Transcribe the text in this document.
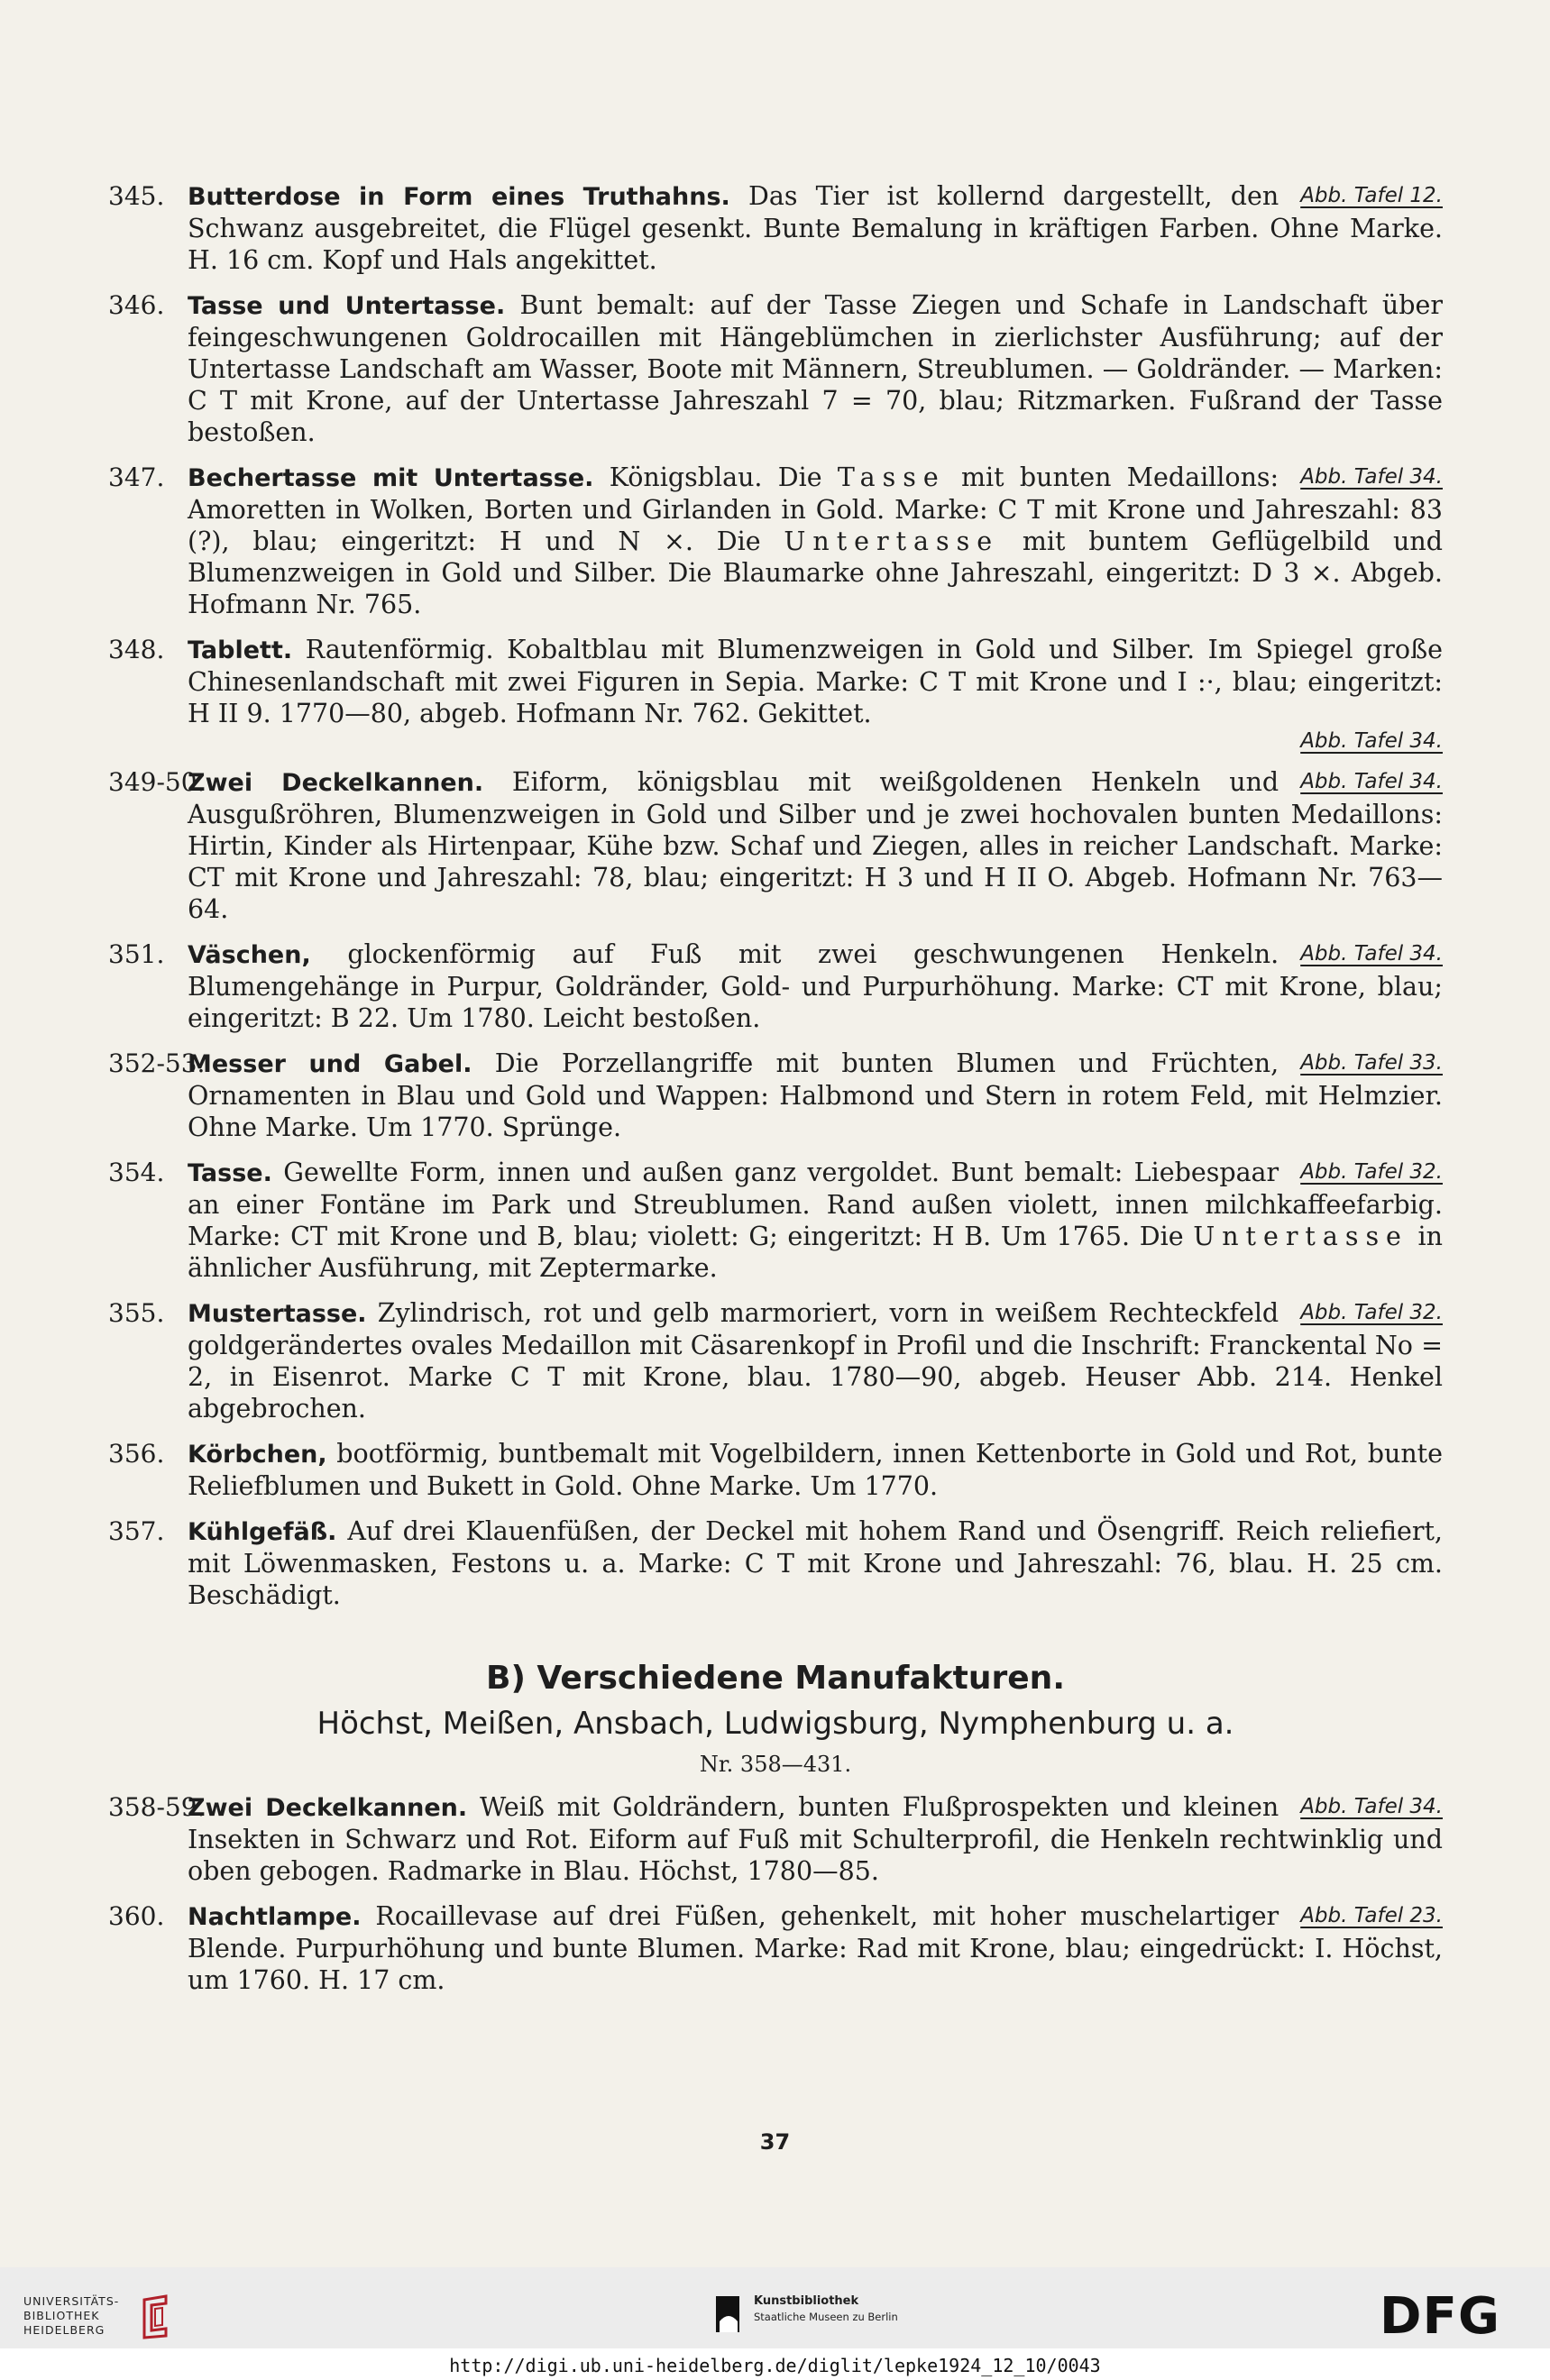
345.	Abb. Tafel 12.
Butterdose in Form eines Truthahns. Das Tier ist kollernd dargestellt, den Schwanz ausgebreitet, die Flügel gesenkt. Bunte Bemalung in kräftigen Farben. Ohne Marke. H. 16 cm. Kopf und Hals angekittet.
346. Tasse und Untertasse. Bunt bemalt: auf der Tasse Ziegen und Schafe in Landschaft über feingeschwungenen Goldrocaillen mit Hängeblümchen in zierlichster Ausführung; auf der Untertasse Landschaft am Wasser, Boote mit Männern, Streublumen. — Goldränder. — Marken: C T mit Krone, auf der Untertasse Jahreszahl 7 = 70, blau; Ritzmarken. Fußrand der Tasse bestoßen.
347.	Abb. Tafel 34.
Bechertasse mit Untertasse. Königsblau. Die Tasse mit bunten Medaillons: Amoretten in Wolken, Borten und Girlanden in Gold. Marke: C T mit Krone und Jahreszahl: 83 (?), blau; eingeritzt: H und N ×. Die Untertasse mit buntem Geflügelbild und Blumenzweigen in Gold und Silber. Die Blaumarke ohne Jahreszahl, eingeritzt: D 3 ×. Abgeb. Hofmann Nr. 765.
348. Tablett. Rautenförmig. Kobaltblau mit Blumenzweigen in Gold und Silber. Im Spiegel große Chinesenlandschaft mit zwei Figuren in Sepia. Marke: C T mit Krone und I :·, blau; eingeritzt: H II 9. 1770—80, abgeb. Hofmann Nr. 762. Gekittet.
Abb. Tafel 34.
349-50.	Abb. Tafel 34.
Zwei Deckelkannen. Eiform, königsblau mit weißgoldenen Henkeln und Ausgußröhren, Blumenzweigen in Gold und Silber und je zwei hochovalen bunten Medaillons: Hirtin, Kinder als Hirtenpaar, Kühe bzw. Schaf und Ziegen, alles in reicher Landschaft. Marke: CT mit Krone und Jahreszahl: 78, blau; eingeritzt: H 3 und H II O. Abgeb. Hofmann Nr. 763—64.
351.	Abb. Tafel 34.
Väschen, glockenförmig auf Fuß mit zwei geschwungenen Henkeln. Blumengehänge in Purpur, Goldränder, Gold- und Purpurhöhung. Marke: CT mit Krone, blau; eingeritzt: B 22. Um 1780. Leicht bestoßen.
352-53.	Abb. Tafel 33.
Messer und Gabel. Die Porzellangriffe mit bunten Blumen und Früchten, Ornamenten in Blau und Gold und Wappen: Halbmond und Stern in rotem Feld, mit Helmzier. Ohne Marke. Um 1770. Sprünge.
354.	Abb. Tafel 32.
Tasse. Gewellte Form, innen und außen ganz vergoldet. Bunt bemalt: Liebespaar an einer Fontäne im Park und Streublumen. Rand außen violett, innen milchkaffeefarbig. Marke: CT mit Krone und B, blau; violett: G; eingeritzt: H B. Um 1765. Die Untertasse in ähnlicher Ausführung, mit Zeptermarke.
355.	Abb. Tafel 32.
Mustertasse. Zylindrisch, rot und gelb marmoriert, vorn in weißem Rechteckfeld goldgerändertes ovales Medaillon mit Cäsarenkopf in Profil und die Inschrift: Franckental No = 2, in Eisenrot. Marke C T mit Krone, blau. 1780—90, abgeb. Heuser Abb. 214. Henkel abgebrochen.
356. Körbchen, bootförmig, buntbemalt mit Vogelbildern, innen Kettenborte in Gold und Rot, bunte Reliefblumen und Bukett in Gold. Ohne Marke. Um 1770.
357. Kühlgefäß. Auf drei Klauenfüßen, der Deckel mit hohem Rand und Ösengriff. Reich reliefiert, mit Löwenmasken, Festons u. a. Marke: C T mit Krone und Jahreszahl: 76, blau. H. 25 cm. Beschädigt.
B) Verschiedene Manufakturen.
Höchst, Meißen, Ansbach, Ludwigsburg, Nymphenburg u. a.
Nr. 358—431.
358-59.	Abb. Tafel 34.
Zwei Deckelkannen. Weiß mit Goldrändern, bunten Flußprospekten und kleinen Insekten in Schwarz und Rot. Eiform auf Fuß mit Schulterprofil, die Henkeln rechtwinklig und oben gebogen. Radmarke in Blau. Höchst, 1780—85.
360.	Abb. Tafel 23.
Nachtlampe. Rocaillevase auf drei Füßen, gehenkelt, mit hoher muschelartiger Blende. Purpurhöhung und bunte Blumen. Marke: Rad mit Krone, blau; eingedrückt: I. Höchst, um 1760. H. 17 cm.
37
UNIVERSITÄTS-
BIBLIOTHEK
HEIDELBERG
Kunstbibliothek
Staatliche Museen zu Berlin	DFG
http://digi.ub.uni-heidelberg.de/diglit/lepke1924_12_10/0043
